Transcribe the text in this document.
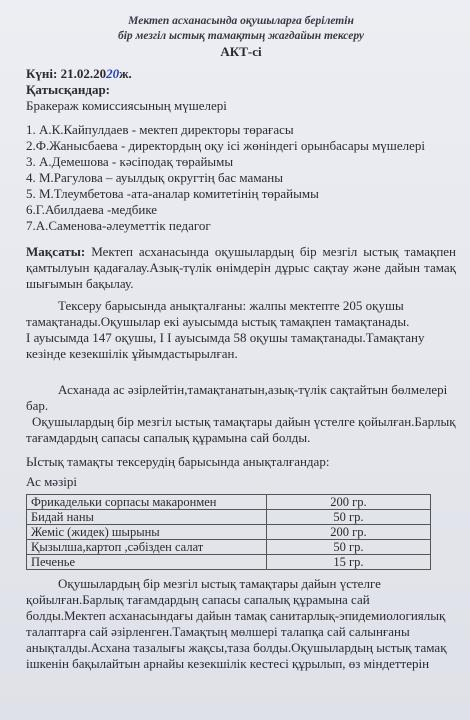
Мектеп асханасында оқушыларға берілетін
бір мезгіл ыстық тамақтың жағдайын тексеру
АКТ-сі
Күні: 21.02.2020ж.
Қатысқандар:
Бракераж комиссиясының мүшелері
1. А.К.Кайпулдаев - мектеп директоры төрағасы
2.Ф.Жаныcбаева - директордың оқу ісі жөніндегі орынбасары мүшелері
3. А.Демешова - кәсіподақ төрайымы
4. М.Рагулова – ауылдық округтің бас маманы
5. М.Тлеумбетова -ата-аналар комитетінің төрайымы
6.Г.Абилдаева -медбике
7.А.Самeнова-әлеуметтік педагог
Мақсаты: Мектеп асханасында оқушылардың бір мезгіл ыстық тамақпен қамтылуын қадағалау.Азық-түлік өнімдерін дұрыс сақтау және дайын тамақ шығымын бақылау.
Тексеру барысында анықталғаны: жалпы мектепте 205 оқушы
тамақтанады.Оқушылар екі ауысымда ыстық тамақпен тамақтанады.
І ауысымда 147 оқушы, І І ауысымда 58 оқушы тамақтанады.Тамақтану
кезінде кезекшілік ұйымдастырылған.
Асханада ас әзірлейтін,тамақтанатын,азық-түлік сақтайтын бөлмелері
бар.
Оқушылардың бір мезгіл ыстық тамақтары дайын үстелге қойылған.Барлық
тағамдардың сапасы сапалық құрамына сай болды.
Ыстық тамақты тексерудің барысында анықталғандар:
Ас мәзірі
Фрикадельки сорпасы макаронмен	200 гр.
Бидай наны	50 гр.
Жеміс (жидек) шырыны	200 гр.
Қызылша,картоп ,сәбізден салат	50 гр.
Печенье	15 гр.
Оқушылардың бір мезгіл ыстық тамақтары дайын үстелге
қойылған.Барлық тағамдардың сапасы сапалық құрамына сай
болды.Мектеп асханасындағы дайын тамақ санитарлық-эпидемиологиялық
талаптарға сай әзірленген.Тамақтың мөлшері талапқа сай салынғаны
анықталды.Асхана тазалығы жақсы,таза болды.Оқушылардың ыстық тамақ
ішкенін бақылайтын арнайы кезекшілік кестесі құрылып, өз міндеттерін
